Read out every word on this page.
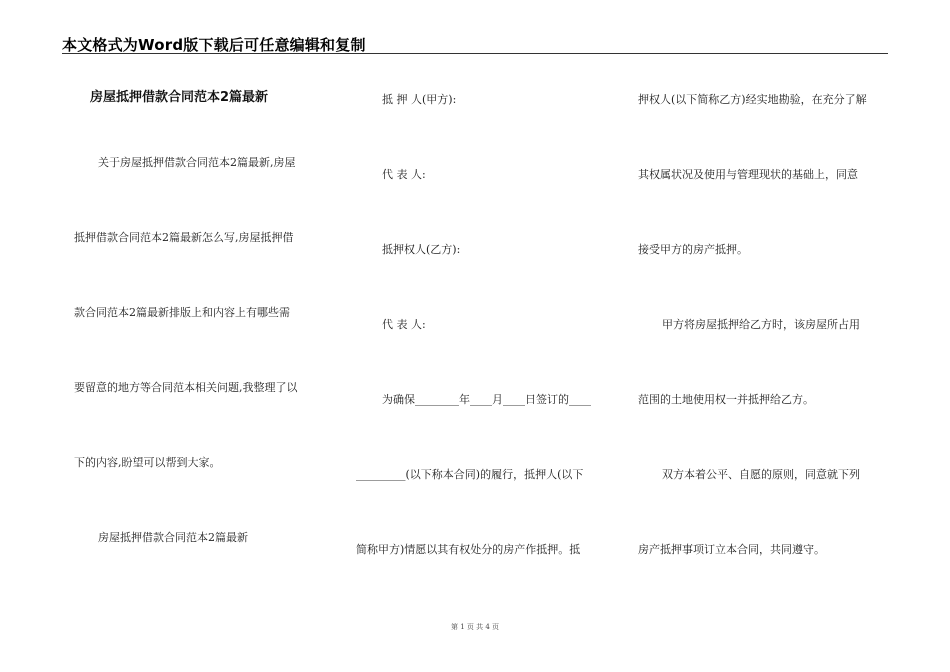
本文格式为Word版下载后可任意编辑和复制
房屋抵押借款合同范本2篇最新
关于房屋抵押借款合同范本2篇最新,房屋
抵押借款合同范本2篇最新怎么写,房屋抵押借
款合同范本2篇最新排版上和内容上有哪些需
要留意的地方等合同范本相关问题,我整理了以
下的内容,盼望可以帮到大家。
房屋抵押借款合同范本2篇最新
抵 押 人(甲方):
代 表 人:
抵押权人(乙方):
代 表 人:
为确保________年____月____日签订的____
_________(以下称本合同)的履行，抵押人(以下
简称甲方)情愿以其有权处分的房产作抵押。抵
押权人(以下简称乙方)经实地勘验，在充分了解
其权属状况及使用与管理现状的基础上，同意
接受甲方的房产抵押。
甲方将房屋抵押给乙方时，该房屋所占用
范围的土地使用权一并抵押给乙方。
双方本着公平、自愿的原则，同意就下列
房产抵押事项订立本合同，共同遵守。
第 1 页 共 4 页
